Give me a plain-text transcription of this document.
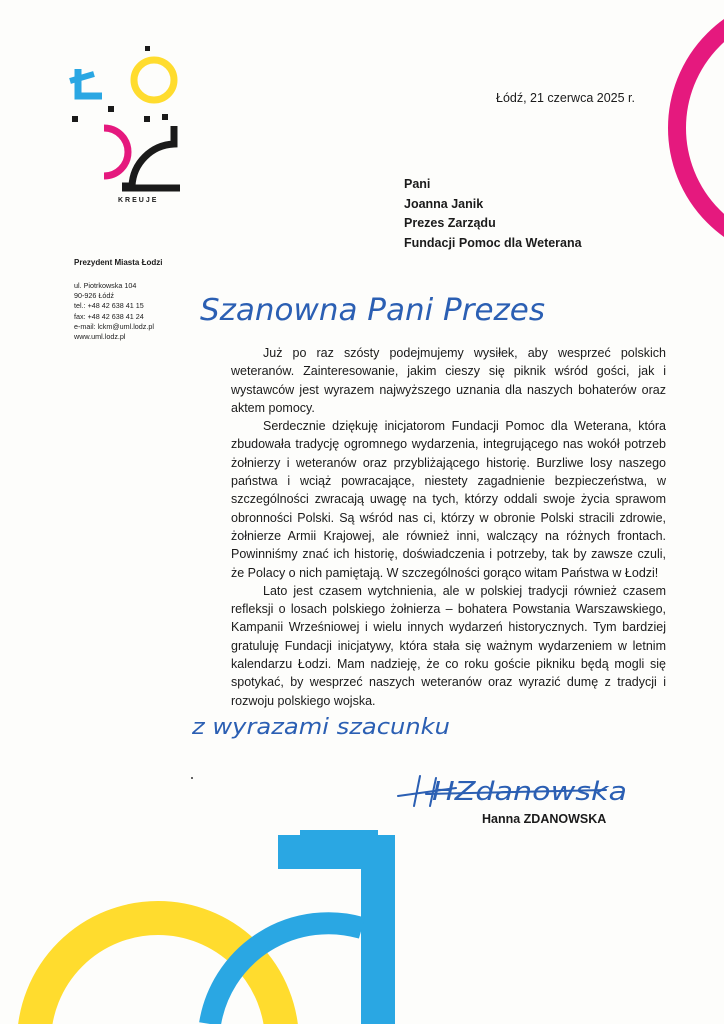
KREUJE
Prezydent Miasta Łodzi
ul. Piotrkowska 104
90-926 Łódź
tel.: +48 42 638 41 15
fax: +48 42 638 41 24
e-mail: lckm@uml.lodz.pl
www.uml.lodz.pl
Łódź, 21 czerwca 2025 r.
Pani
Joanna Janik
Prezes Zarządu
Fundacji Pomoc dla Weterana
Szanowna Pani Prezes

Już po raz szósty podejmujemy wysiłek, aby wesprzeć polskich weteranów. Zainteresowanie, jakim cieszy się piknik wśród gości, jak i wystawców jest wyrazem najwyższego uznania dla naszych bohaterów oraz aktem pomocy.

Serdecznie dziękuję inicjatorom Fundacji Pomoc dla Weterana, która zbudowała tradycję ogromnego wydarzenia, integrującego nas wokół potrzeb żołnierzy i weteranów oraz przybliżającego historię. Burzliwe losy naszego państwa i wciąż powracające, niestety zagadnienie bezpieczeństwa, w szczególności zwracają uwagę na tych, którzy oddali swoje życia sprawom obronności Polski. Są wśród nas ci, którzy w obronie Polski stracili zdrowie, żołnierze Armii Krajowej, ale również inni, walczący na różnych frontach. Powinniśmy znać ich historię, doświadczenia i potrzeby, tak by zawsze czuli, że Polacy o nich pamiętają. W szczególności gorąco witam Państwa w Łodzi!

Lato jest czasem wytchnienia, ale w polskiej tradycji również czasem refleksji o losach polskiego żołnierza – bohatera Powstania Warszawskiego, Kampanii Wrześniowej i wielu innych wydarzeń historycznych. Tym bardziej gratuluję Fundacji inicjatywy, która stała się ważnym wydarzeniem w letnim kalendarzu Łodzi. Mam nadzieję, że co roku goście pikniku będą mogli się spotykać, by wesprzeć naszych weteranów oraz wyrazić dumę z tradycji i rozwoju polskiego wojska.

z wyrazami szacunku
HZdanowska
Hanna ZDANOWSKA
